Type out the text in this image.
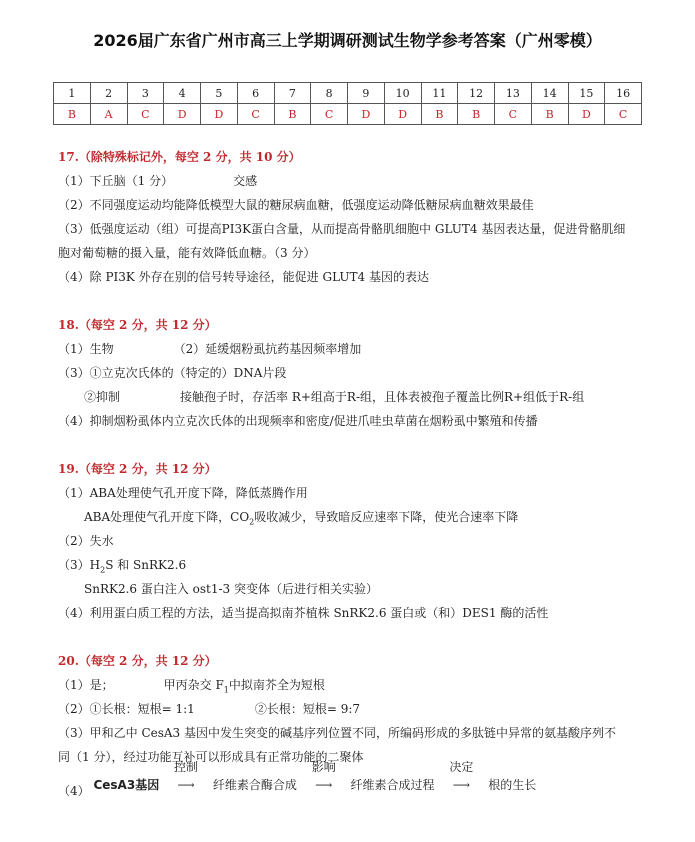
2026届广东省广州市高三上学期调研测试生物学参考答案（广州零模）
1	2	3	4	5	6	7	8	9	10	11	12	13	14	15	16
B	A	C	D	D	C	B	C	D	D	B	B	C	B	D	C
17.（除特殊标记外，每空 2 分，共 10 分）
（1）下丘脑（1 分）	交感
（2）不同强度运动均能降低模型大鼠的糖尿病血糖，低强度运动降低糖尿病血糖效果最佳
（3）低强度运动（组）可提高PI3K蛋白含量，从而提高骨骼肌细胞中 GLUT4 基因表达量，促进骨骼肌细
胞对葡萄糖的摄入量，能有效降低血糖。（3 分）
（4）除 PI3K 外存在别的信号转导途径，能促进 GLUT4 基因的表达
18.（每空 2 分，共 12 分）
（1）生物	（2）延缓烟粉虱抗药基因频率增加
（3）①立克次氏体的（特定的）DNA片段
②抑制	接触孢子时，存活率 R+组高于R-组，且体表被孢子覆盖比例R+组低于R-组
（4）抑制烟粉虱体内立克次氏体的出现频率和密度/促进爪哇虫草菌在烟粉虱中繁殖和传播
19.（每空 2 分，共 12 分）
（1）ABA处理使气孔开度下降，降低蒸腾作用
ABA处理使气孔开度下降，$CO_2$吸收减少，导致暗反应速率下降，使光合速率下降
（2）失水
$(3)H_2S$ 和 SnRK2.6
SnRK2.6 蛋白注入 ost1-3 突变体（后进行相关实验）
（4）利用蛋白质工程的方法，适当提高拟南芥植株 SnRK2.6 蛋白或（和）DES1 酶的活性
20.（每空 2 分，共 12 分）
（1）是；	甲丙杂交 $F_1$中拟南芥全为短根
（2）①长根：短根= 1:1	②长根：短根= 9:7
（3）甲和乙中 CesA3 基因中发生突变的碱基序列位置不同，所编码形成的多肽链中异常的氨基酸序列不
同（1 分），经过功能互补可以形成具有正常功能的二聚体
（4） CesA3基因
控制
⟶ 纤维素合酶合成
影响
⟶ 纤维素合成过程
决定
⟶ 根的生长
